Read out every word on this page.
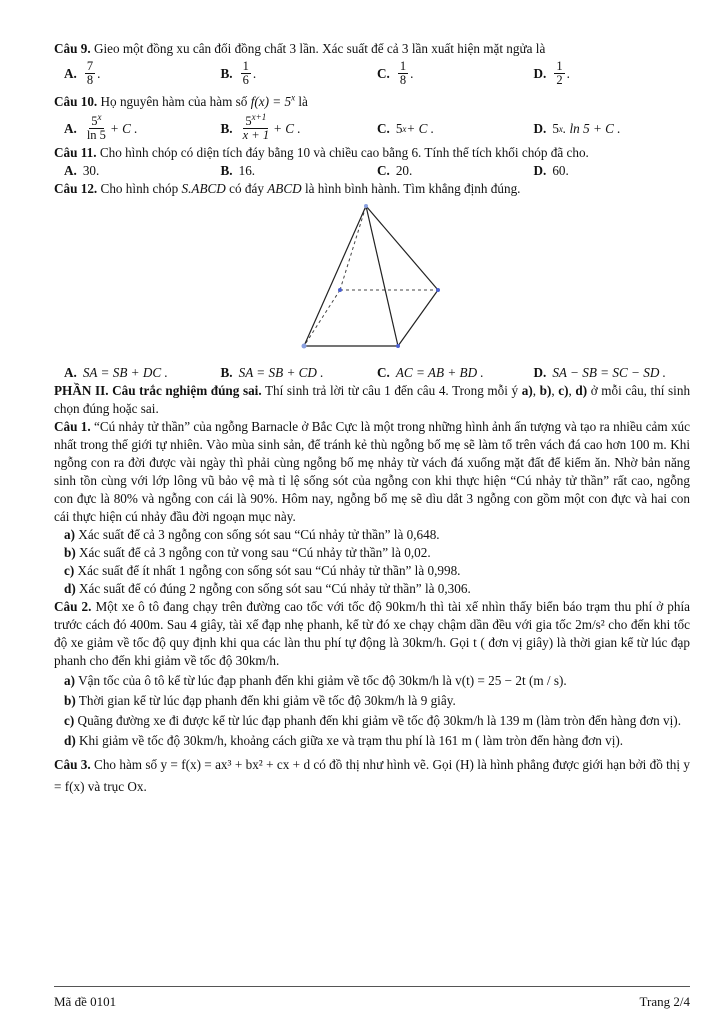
Câu 9. Gieo một đồng xu cân đối đồng chất 3 lần. Xác suất để cả 3 lần xuất hiện mặt ngửa là

A. $\frac{7}{8}$ .	B. $\frac{1}{6}$ .	C. $\frac{1}{8}$ .	D. $\frac{1}{2}$ .

Câu 10. Họ nguyên hàm của hàm số $f(x) = 5^x$ là

A. $\frac{5^x}{\ln 5} + C$ .	B. $\frac{5^{x+1}}{x + 1} + C$ .	C. 5 x + C .	D. 5 x . ln 5 + C .

Câu 11. Cho hình chóp có diện tích đáy bằng 10 và chiều cao bằng 6. Tính thể tích khối chóp đã cho.

A. 30.	B. 16.	C. 20.	D. 60.

Câu 12. Cho hình chóp S.ABCD có đáy ABCD là hình bình hành. Tìm khẳng định đúng.

A. SA = SB + DC .	B. SA = SB + CD .	C. AC = AB + BD .	D. SA − SB = SC − SD .

PHẦN II. Câu trắc nghiệm đúng sai. Thí sinh trả lời từ câu 1 đến câu 4. Trong mỗi ý a), b), c), d) ở mỗi câu, thí sinh chọn đúng hoặc sai.

Câu 1. “Cú nhảy tử thần” của ngỗng Barnacle ở Bắc Cực là một trong những hình ảnh ấn tượng và tạo ra nhiều cảm xúc nhất trong thế giới tự nhiên. Vào mùa sinh sản, để tránh kẻ thù ngỗng bố mẹ sẽ làm tổ trên vách đá cao hơn 100 m. Khi ngỗng con ra đời được vài ngày thì phải cùng ngỗng bố mẹ nhảy từ vách đá xuống mặt đất để kiếm ăn. Nhờ bản năng sinh tồn cùng với lớp lông vũ bảo vệ mà tỉ lệ sống sót của ngỗng con khi thực hiện “Cú nhảy tử thần” rất cao, ngỗng con đực là 80% và ngỗng con cái là 90%. Hôm nay, ngỗng bố mẹ sẽ dìu dắt 3 ngỗng con gồm một con đực và hai con cái thực hiện cú nhảy đầu đời ngoạn mục này.

a) Xác suất để cả 3 ngỗng con sống sót sau “Cú nhảy tử thần” là 0,648.

b) Xác suất để cả 3 ngỗng con tử vong sau “Cú nhảy tử thần” là 0,02.

c) Xác suất để ít nhất 1 ngỗng con sống sót sau “Cú nhảy tử thần” là 0,998.

d) Xác suất để có đúng 2 ngỗng con sống sót sau “Cú nhảy tử thần” là 0,306.

Câu 2. Một xe ô tô đang chạy trên đường cao tốc với tốc độ 90km/h thì tài xế nhìn thấy biển báo trạm thu phí ở phía trước cách đó 400m. Sau 4 giây, tài xế đạp nhẹ phanh, kể từ đó xe chạy chậm dần đều với gia tốc 2m/s² cho đến khi tốc độ xe giảm về tốc độ quy định khi qua các làn thu phí tự động là 30km/h. Gọi t ( đơn vị giây) là thời gian kể từ lúc đạp phanh cho đến khi giảm về tốc độ 30km/h.

a) Vận tốc của ô tô kể từ lúc đạp phanh đến khi giảm về tốc độ 30km/h là v(t) = 25 − 2t (m / s).

b) Thời gian kể từ lúc đạp phanh đến khi giảm về tốc độ 30km/h là 9 giây.

c) Quãng đường xe đi được kể từ lúc đạp phanh đến khi giảm về tốc độ 30km/h là 139 m (làm tròn đến hàng đơn vị).

d) Khi giảm về tốc độ 30km/h, khoảng cách giữa xe và trạm thu phí là 161 m ( làm tròn đến hàng đơn vị).

Câu 3. Cho hàm số y = f(x) = ax³ + bx² + cx + d có đồ thị như hình vẽ. Gọi (H) là hình phẳng được giới hạn bởi đồ thị y = f(x) và trục Ox.

Mã đề 0101	Trang 2/4
